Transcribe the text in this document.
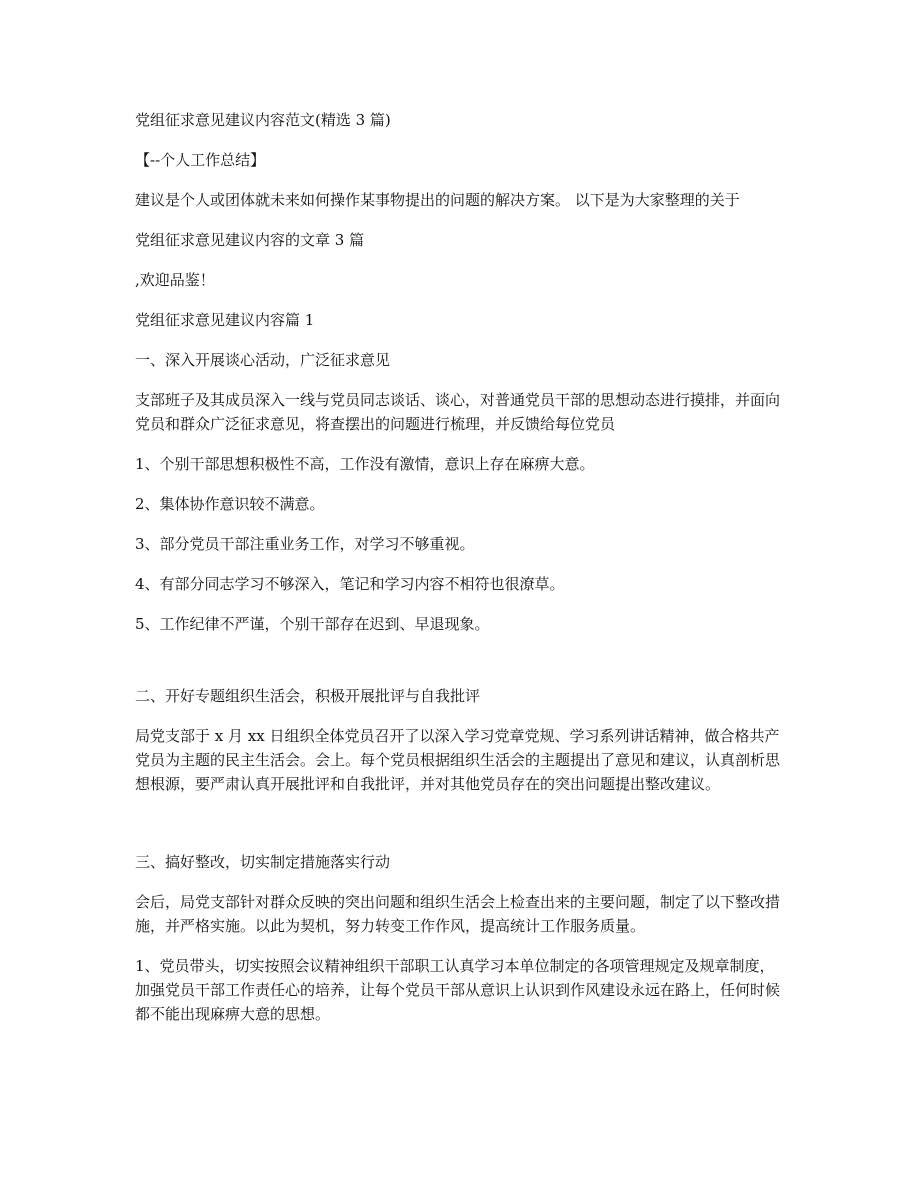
党组征求意见建议内容范文(精选 3 篇)

【--个人工作总结】

建议是个人或团体就未来如何操作某事物提出的问题的解决方案。 以下是为大家整理的关于

党组征求意见建议内容的文章 3 篇

,欢迎品鉴！

党组征求意见建议内容篇 1

一、深入开展谈心活动，广泛征求意见

支部班子及其成员深入一线与党员同志谈话、谈心，对普通党员干部的思想动态进行摸排，并面向党员和群众广泛征求意见，将查摆出的问题进行梳理，并反馈给每位党员

1、个别干部思想积极性不高，工作没有激情，意识上存在麻痹大意。

2、集体协作意识较不满意。

3、部分党员干部注重业务工作，对学习不够重视。

4、有部分同志学习不够深入，笔记和学习内容不相符也很潦草。

5、工作纪律不严谨，个别干部存在迟到、早退现象。

二、开好专题组织生活会，积极开展批评与自我批评

局党支部于 x 月 xx 日组织全体党员召开了以深入学习党章党规、学习系列讲话精神，做合格共产党员为主题的民主生活会。会上。每个党员根据组织生活会的主题提出了意见和建议，认真剖析思想根源，要严肃认真开展批评和自我批评，并对其他党员存在的突出问题提出整改建议。

三、搞好整改，切实制定措施落实行动

会后，局党支部针对群众反映的突出问题和组织生活会上检查出来的主要问题，制定了以下整改措施，并严格实施。以此为契机，努力转变工作作风，提高统计工作服务质量。

1、党员带头，切实按照会议精神组织干部职工认真学习本单位制定的各项管理规定及规章制度，加强党员干部工作责任心的培养，让每个党员干部从意识上认识到作风建设永远在路上，任何时候都不能出现麻痹大意的思想。
